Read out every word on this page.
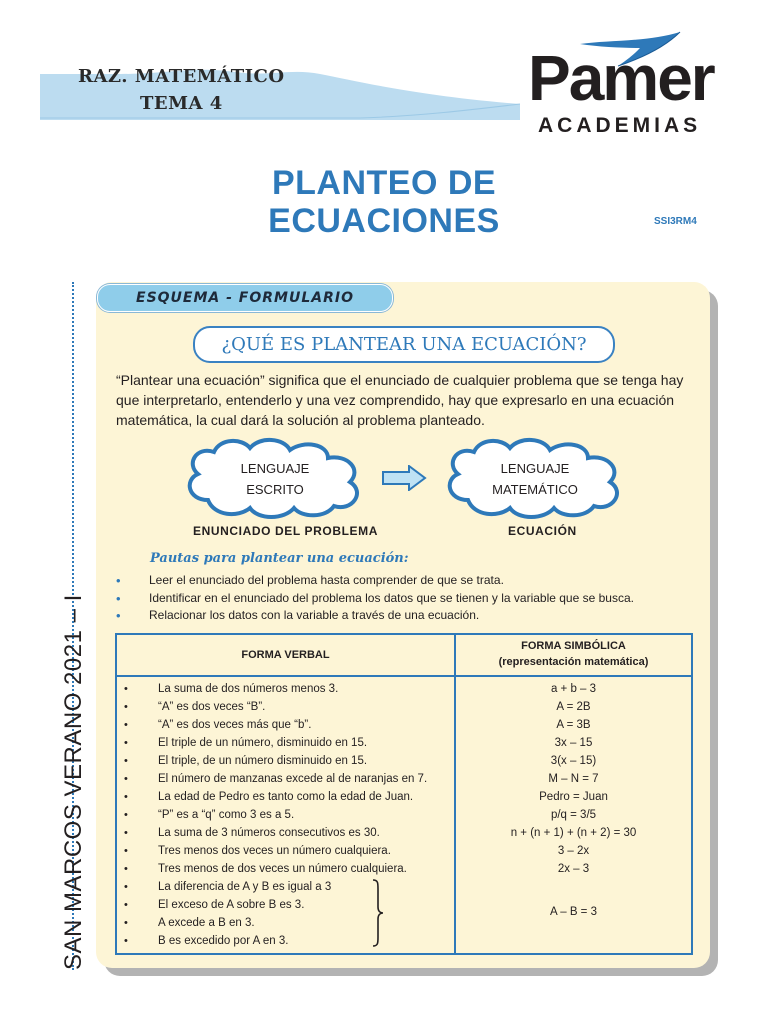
RAZ. MATEMÁTICO
TEMA 4	Pamer
ACADEMIAS
PLANTEO DE
ECUACIONES	SSI3RM4
SAN MARCOS VERANO 2021 – I
ESQUEMA - FORMULARIO
¿QUÉ ES PLANTEAR UNA ECUACIÓN?
“Plantear una ecuación” significa que el enunciado de cualquier problema que se tenga hay que interpretarlo, entenderlo y una vez comprendido, hay que expresarlo en una ecuación matemática, la cual dará la solución al problema planteado.
LENGUAJE
ESCRITO
LENGUAJE
MATEMÁTICO
ENUNCIADO DEL PROBLEMA	ECUACIÓN
Pautas para plantear una ecuación:
• Leer el enunciado del problema hasta comprender de que se trata.
• Identificar en el enunciado del problema los datos que se tienen y la variable que se busca.
• Relacionar los datos con la variable a través de una ecuación.
FORMA VERBAL
FORMA SIMBÓLICA
(representación matemática)
•	La suma de dos números menos 3.	a + b – 3
•	“A” es dos veces “B”.	A = 2B
•	“A” es dos veces más que “b”.	A = 3B
•	El triple de un número, disminuido en 15.	3x – 15
•	El triple, de un número disminuido en 15.	3(x – 15)
•	El número de manzanas excede al de naranjas en 7.	M – N = 7
•	La edad de Pedro es tanto como la edad de Juan.	Pedro = Juan
•	“P” es a “q” como 3 es a 5.	p/q = 3/5
•	La suma de 3 números consecutivos es 30.	n + (n + 1) + (n + 2) = 30
•	Tres menos dos veces un número cualquiera.	3 – 2x
•	Tres menos de dos veces un número cualquiera.	2x – 3
•	La diferencia de A y B es igual a 3
•	El exceso de A sobre B es 3.
•	A excede a B en 3.
•	B es excedido por A en 3.
A – B = 3
